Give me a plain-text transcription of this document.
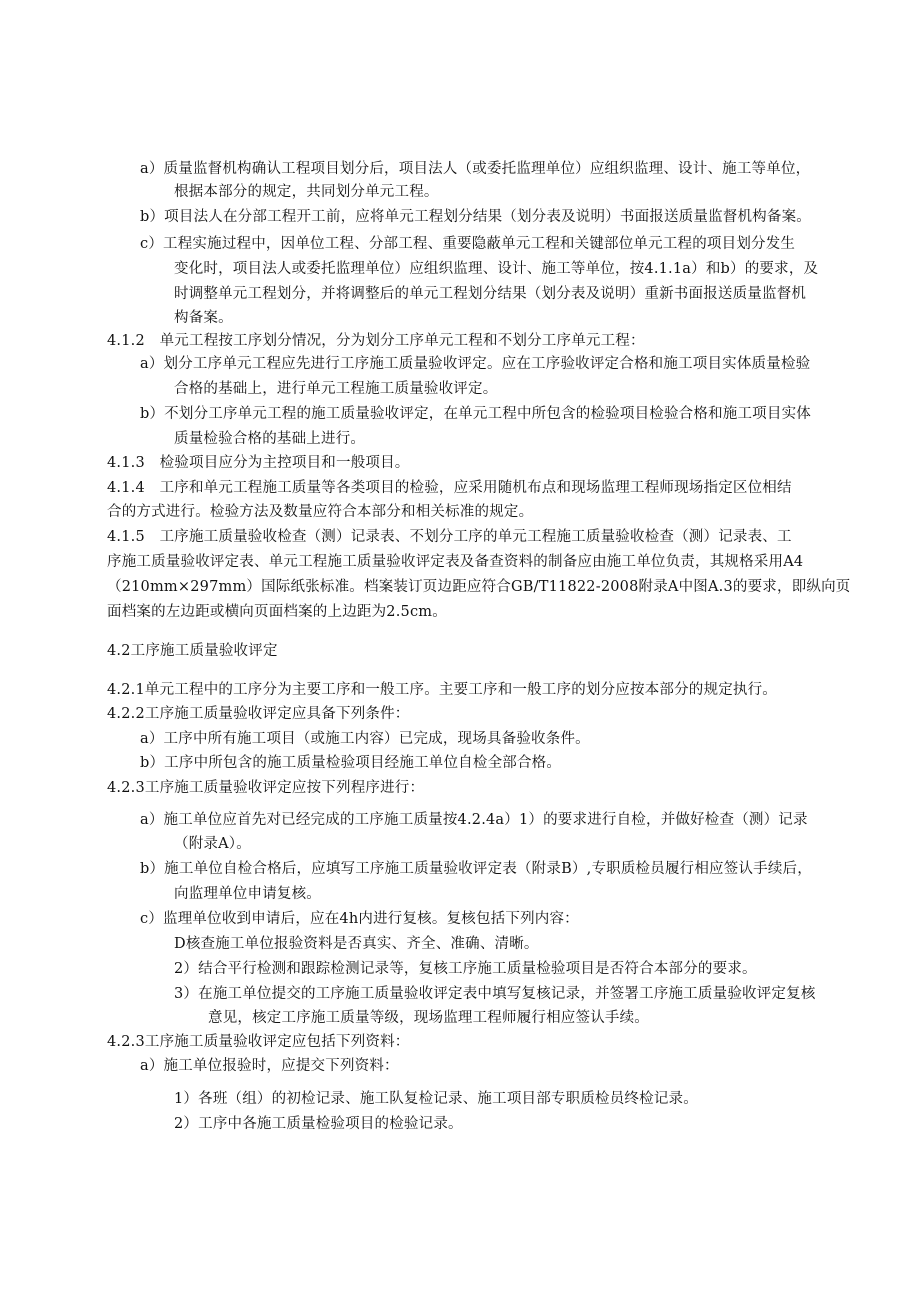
a）质量监督机构确认工程项目划分后，项目法人（或委托监理单位）应组织监理、设计、施工等单位，
根据本部分的规定，共同划分单元工程。
b）项目法人在分部工程开工前，应将单元工程划分结果（划分表及说明）书面报送质量监督机构备案。
c）工程实施过程中，因单位工程、分部工程、重要隐蔽单元工程和关键部位单元工程的项目划分发生
变化时，项目法人或委托监理单位）应组织监理、设计、施工等单位，按4.1.1a）和b）的要求，及
时调整单元工程划分，并将调整后的单元工程划分结果（划分表及说明）重新书面报送质量监督机
构备案。
4.1.2　单元工程按工序划分情况，分为划分工序单元工程和不划分工序单元工程：
a）划分工序单元工程应先进行工序施工质量验收评定。应在工序验收评定合格和施工项目实体质量检验
合格的基础上，进行单元工程施工质量验收评定。
b）不划分工序单元工程的施工质量验收评定，在单元工程中所包含的检验项目检验合格和施工项目实体
质量检验合格的基础上进行。
4.1.3　检验项目应分为主控项目和一般项目。
4.1.4　工序和单元工程施工质量等各类项目的检验，应采用随机布点和现场监理工程师现场指定区位相结
合的方式进行。检验方法及数量应符合本部分和相关标准的规定。
4.1.5　工序施工质量验收检查（测）记录表、不划分工序的单元工程施工质量验收检查（测）记录表、工
序施工质量验收评定表、单元工程施工质量验收评定表及备查资料的制备应由施工单位负责，其规格采用A4
（210mm×297mm）国际纸张标准。档案装订页边距应符合GB/T11822-2008附录A中图A.3的要求，即纵向页
面档案的左边距或横向页面档案的上边距为2.5cm。
4.2工序施工质量验收评定
4.2.1单元工程中的工序分为主要工序和一般工序。主要工序和一般工序的划分应按本部分的规定执行。
4.2.2工序施工质量验收评定应具备下列条件：
a）工序中所有施工项目（或施工内容）已完成，现场具备验收条件。
b）工序中所包含的施工质量检验项目经施工单位自检全部合格。
4.2.3工序施工质量验收评定应按下列程序进行：
a）施工单位应首先对已经完成的工序施工质量按4.2.4a）1）的要求进行自检，并做好检查（测）记录
（附录A）。
b）施工单位自检合格后，应填写工序施工质量验收评定表（附录B）,专职质检员履行相应签认手续后，
向监理单位申请复核。
c）监理单位收到申请后，应在4h内进行复核。复核包括下列内容：
D核查施工单位报验资料是否真实、齐全、准确、清晰。
2）结合平行检测和跟踪检测记录等，复核工序施工质量检验项目是否符合本部分的要求。
3）在施工单位提交的工序施工质量验收评定表中填写复核记录，并签署工序施工质量验收评定复核
意见，核定工序施工质量等级，现场监理工程师履行相应签认手续。
4.2.3工序施工质量验收评定应包括下列资料：
a）施工单位报验时，应提交下列资料：
1）各班（组）的初检记录、施工队复检记录、施工项目部专职质检员终检记录。
2）工序中各施工质量检验项目的检验记录。
